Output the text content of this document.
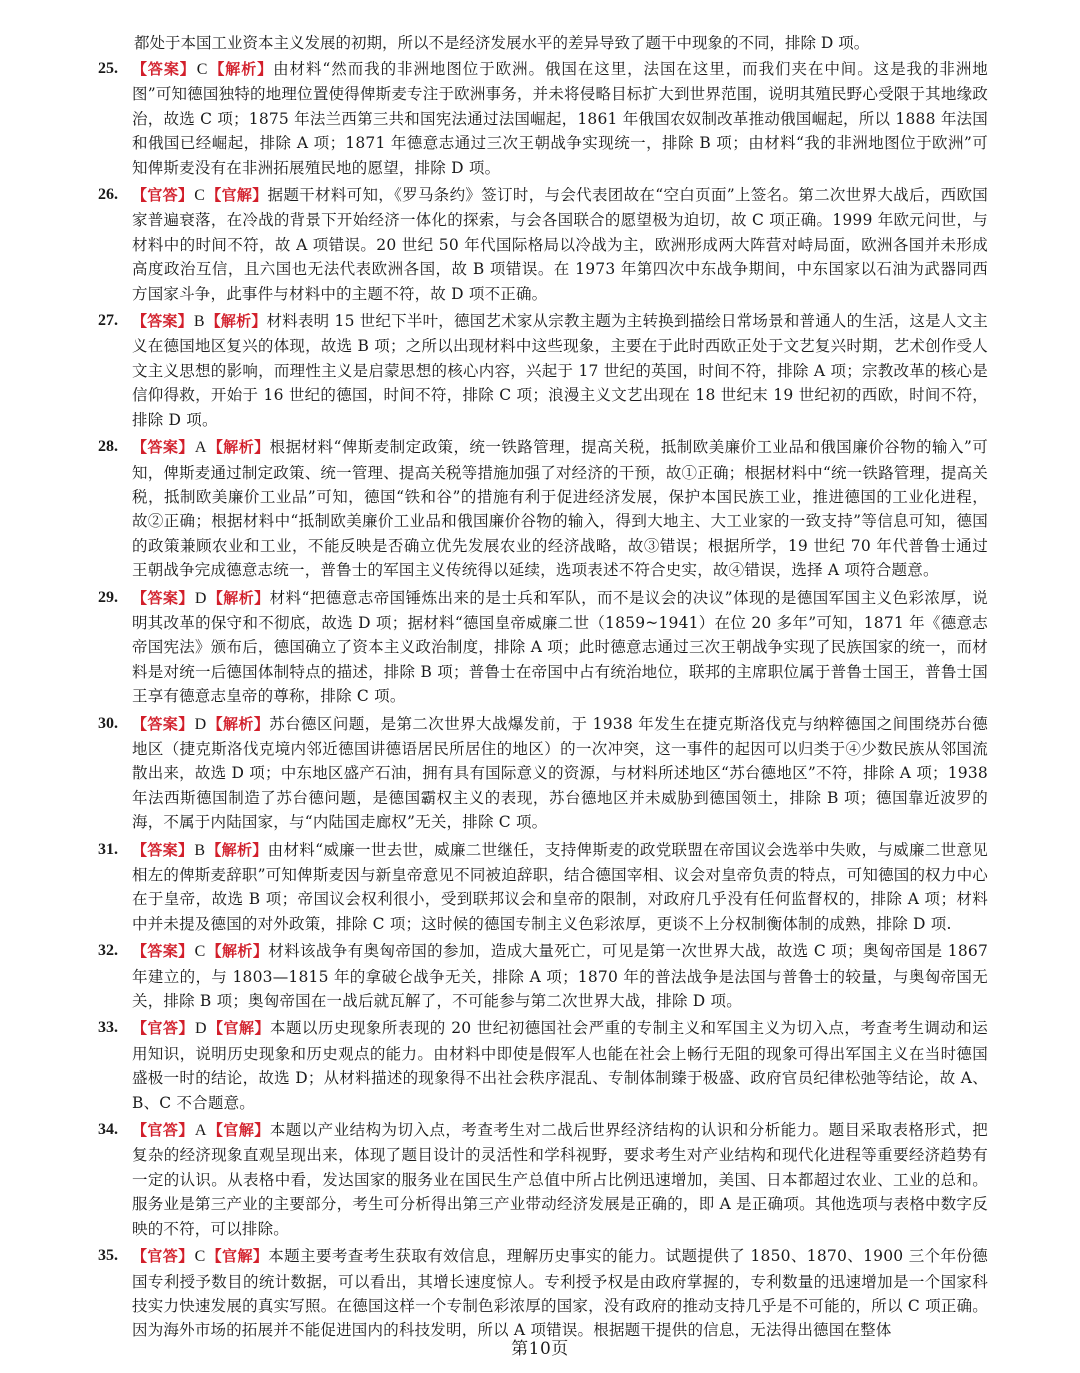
都处于本国工业资本主义发展的初期，所以不是经济发展水平的差异导致了题干中现象的不同，排除 D 项。
25. 【答案】C【解析】由材料“然而我的非洲地图位于欧洲。俄国在这里，法国在这里，而我们夹在中间。这是我的非洲地图”可知德国独特的地理位置使得俾斯麦专注于欧洲事务，并未将侵略目标扩大到世界范围，说明其殖民野心受限于其地缘政治，故选 C 项；1875 年法兰西第三共和国宪法通过法国崛起，1861 年俄国农奴制改革推动俄国崛起，所以 1888 年法国和俄国已经崛起，排除 A 项；1871 年德意志通过三次王朝战争实现统一，排除 B 项；由材料“我的非洲地图位于欧洲”可知俾斯麦没有在非洲拓展殖民地的愿望，排除 D 项。
26. 【官答】C【官解】据题干材料可知，《罗马条约》签订时，与会代表团故在“空白页面”上签名。第二次世界大战后，西欧国家普遍衰落，在冷战的背景下开始经济一体化的探索，与会各国联合的愿望极为迫切，故 C 项正确。1999 年欧元问世，与材料中的时间不符，故 A 项错误。20 世纪 50 年代国际格局以冷战为主，欧洲形成两大阵营对峙局面，欧洲各国并未形成高度政治互信，且六国也无法代表欧洲各国，故 B 项错误。在 1973 年第四次中东战争期间，中东国家以石油为武器同西方国家斗争，此事件与材料中的主题不符，故 D 项不正确。
27. 【答案】B【解析】材料表明 15 世纪下半叶，德国艺术家从宗教主题为主转换到描绘日常场景和普通人的生活，这是人文主义在德国地区复兴的体现，故选 B 项；之所以出现材料中这些现象，主要在于此时西欧正处于文艺复兴时期，艺术创作受人文主义思想的影响，而理性主义是启蒙思想的核心内容，兴起于 17 世纪的英国，时间不符，排除 A 项；宗教改革的核心是信仰得救，开始于 16 世纪的德国，时间不符，排除 C 项；浪漫主义文艺出现在 18 世纪末 19 世纪初的西欧，时间不符，排除 D 项。
28. 【答案】A【解析】根据材料“俾斯麦制定政策，统一铁路管理，提高关税，抵制欧美廉价工业品和俄国廉价谷物的输入”可知，俾斯麦通过制定政策、统一管理、提高关税等措施加强了对经济的干预，故①正确；根据材料中“统一铁路管理，提高关税，抵制欧美廉价工业品”可知，德国“铁和谷”的措施有利于促进经济发展，保护本国民族工业，推进德国的工业化进程，故②正确；根据材料中“抵制欧美廉价工业品和俄国廉价谷物的输入，得到大地主、大工业家的一致支持”等信息可知，德国的政策兼顾农业和工业，不能反映是否确立优先发展农业的经济战略，故③错误；根据所学，19 世纪 70 年代普鲁士通过王朝战争完成德意志统一，普鲁士的军国主义传统得以延续，选项表述不符合史实，故④错误，选择 A 项符合题意。
29. 【答案】D【解析】材料“把德意志帝国锤炼出来的是士兵和军队，而不是议会的决议”体现的是德国军国主义色彩浓厚，说明其改革的保守和不彻底，故选 D 项；据材料“德国皇帝威廉二世（1859~1941）在位 20 多年”可知，1871 年《德意志帝国宪法》颁布后，德国确立了资本主义政治制度，排除 A 项；此时德意志通过三次王朝战争实现了民族国家的统一，而材料是对统一后德国体制特点的描述，排除 B 项；普鲁士在帝国中占有统治地位，联邦的主席职位属于普鲁士国王，普鲁士国王享有德意志皇帝的尊称，排除 C 项。
30. 【答案】D【解析】苏台德区问题，是第二次世界大战爆发前，于 1938 年发生在捷克斯洛伐克与纳粹德国之间围绕苏台德地区（捷克斯洛伐克境内邻近德国讲德语居民所居住的地区）的一次冲突，这一事件的起因可以归类于④少数民族从邻国流散出来，故选 D 项；中东地区盛产石油，拥有具有国际意义的资源，与材料所述地区“苏台德地区”不符，排除 A 项；1938 年法西斯德国制造了苏台德问题，是德国霸权主义的表现，苏台德地区并未威胁到德国领土，排除 B 项；德国靠近波罗的海，不属于内陆国家，与“内陆国走廊权”无关，排除 C 项。
31. 【答案】B【解析】由材料“威廉一世去世，威廉二世继任，支持俾斯麦的政党联盟在帝国议会选举中失败，与威廉二世意见相左的俾斯麦辞职”可知俾斯麦因与新皇帝意见不同被迫辞职，结合德国宰相、议会对皇帝负责的特点，可知德国的权力中心在于皇帝，故选 B 项；帝国议会权利很小，受到联邦议会和皇帝的限制，对政府几乎没有任何监督权的，排除 A 项；材料中并未提及德国的对外政策，排除 C 项；这时候的德国专制主义色彩浓厚，更谈不上分权制衡体制的成熟，排除 D 项.
32. 【答案】C【解析】材料该战争有奥匈帝国的参加，造成大量死亡，可见是第一次世界大战，故选 C 项；奥匈帝国是 1867 年建立的，与 1803—1815 年的拿破仑战争无关，排除 A 项；1870 年的普法战争是法国与普鲁士的较量，与奥匈帝国无关，排除 B 项；奥匈帝国在一战后就瓦解了，不可能参与第二次世界大战，排除 D 项。
33. 【官答】D【官解】本题以历史现象所表现的 20 世纪初德国社会严重的专制主义和军国主义为切入点，考查考生调动和运用知识，说明历史现象和历史观点的能力。由材料中即使是假军人也能在社会上畅行无阻的现象可得出军国主义在当时德国盛极一时的结论，故选 D；从材料描述的现象得不出社会秩序混乱、专制体制臻于极盛、政府官员纪律松弛等结论，故 A、B、C 不合题意。
34. 【官答】A【官解】本题以产业结构为切入点，考查考生对二战后世界经济结构的认识和分析能力。题目采取表格形式，把复杂的经济现象直观呈现出来，体现了题目设计的灵活性和学科视野，要求考生对产业结构和现代化进程等重要经济趋势有一定的认识。从表格中看，发达国家的服务业在国民生产总值中所占比例迅速增加，美国、日本都超过农业、工业的总和。服务业是第三产业的主要部分，考生可分析得出第三产业带动经济发展是正确的，即 A 是正确项。其他选项与表格中数字反映的不符，可以排除。
35. 【官答】C【官解】本题主要考查考生获取有效信息，理解历史事实的能力。试题提供了 1850、1870、1900 三个年份德国专利授予数目的统计数据，可以看出，其增长速度惊人。专利授予权是由政府掌握的，专利数量的迅速增加是一个国家科技实力快速发展的真实写照。在德国这样一个专制色彩浓厚的国家，没有政府的推动支持几乎是不可能的，所以 C 项正确。因为海外市场的拓展并不能促进国内的科技发明，所以 A 项错误。根据题干提供的信息，无法得出德国在整体
第10页
